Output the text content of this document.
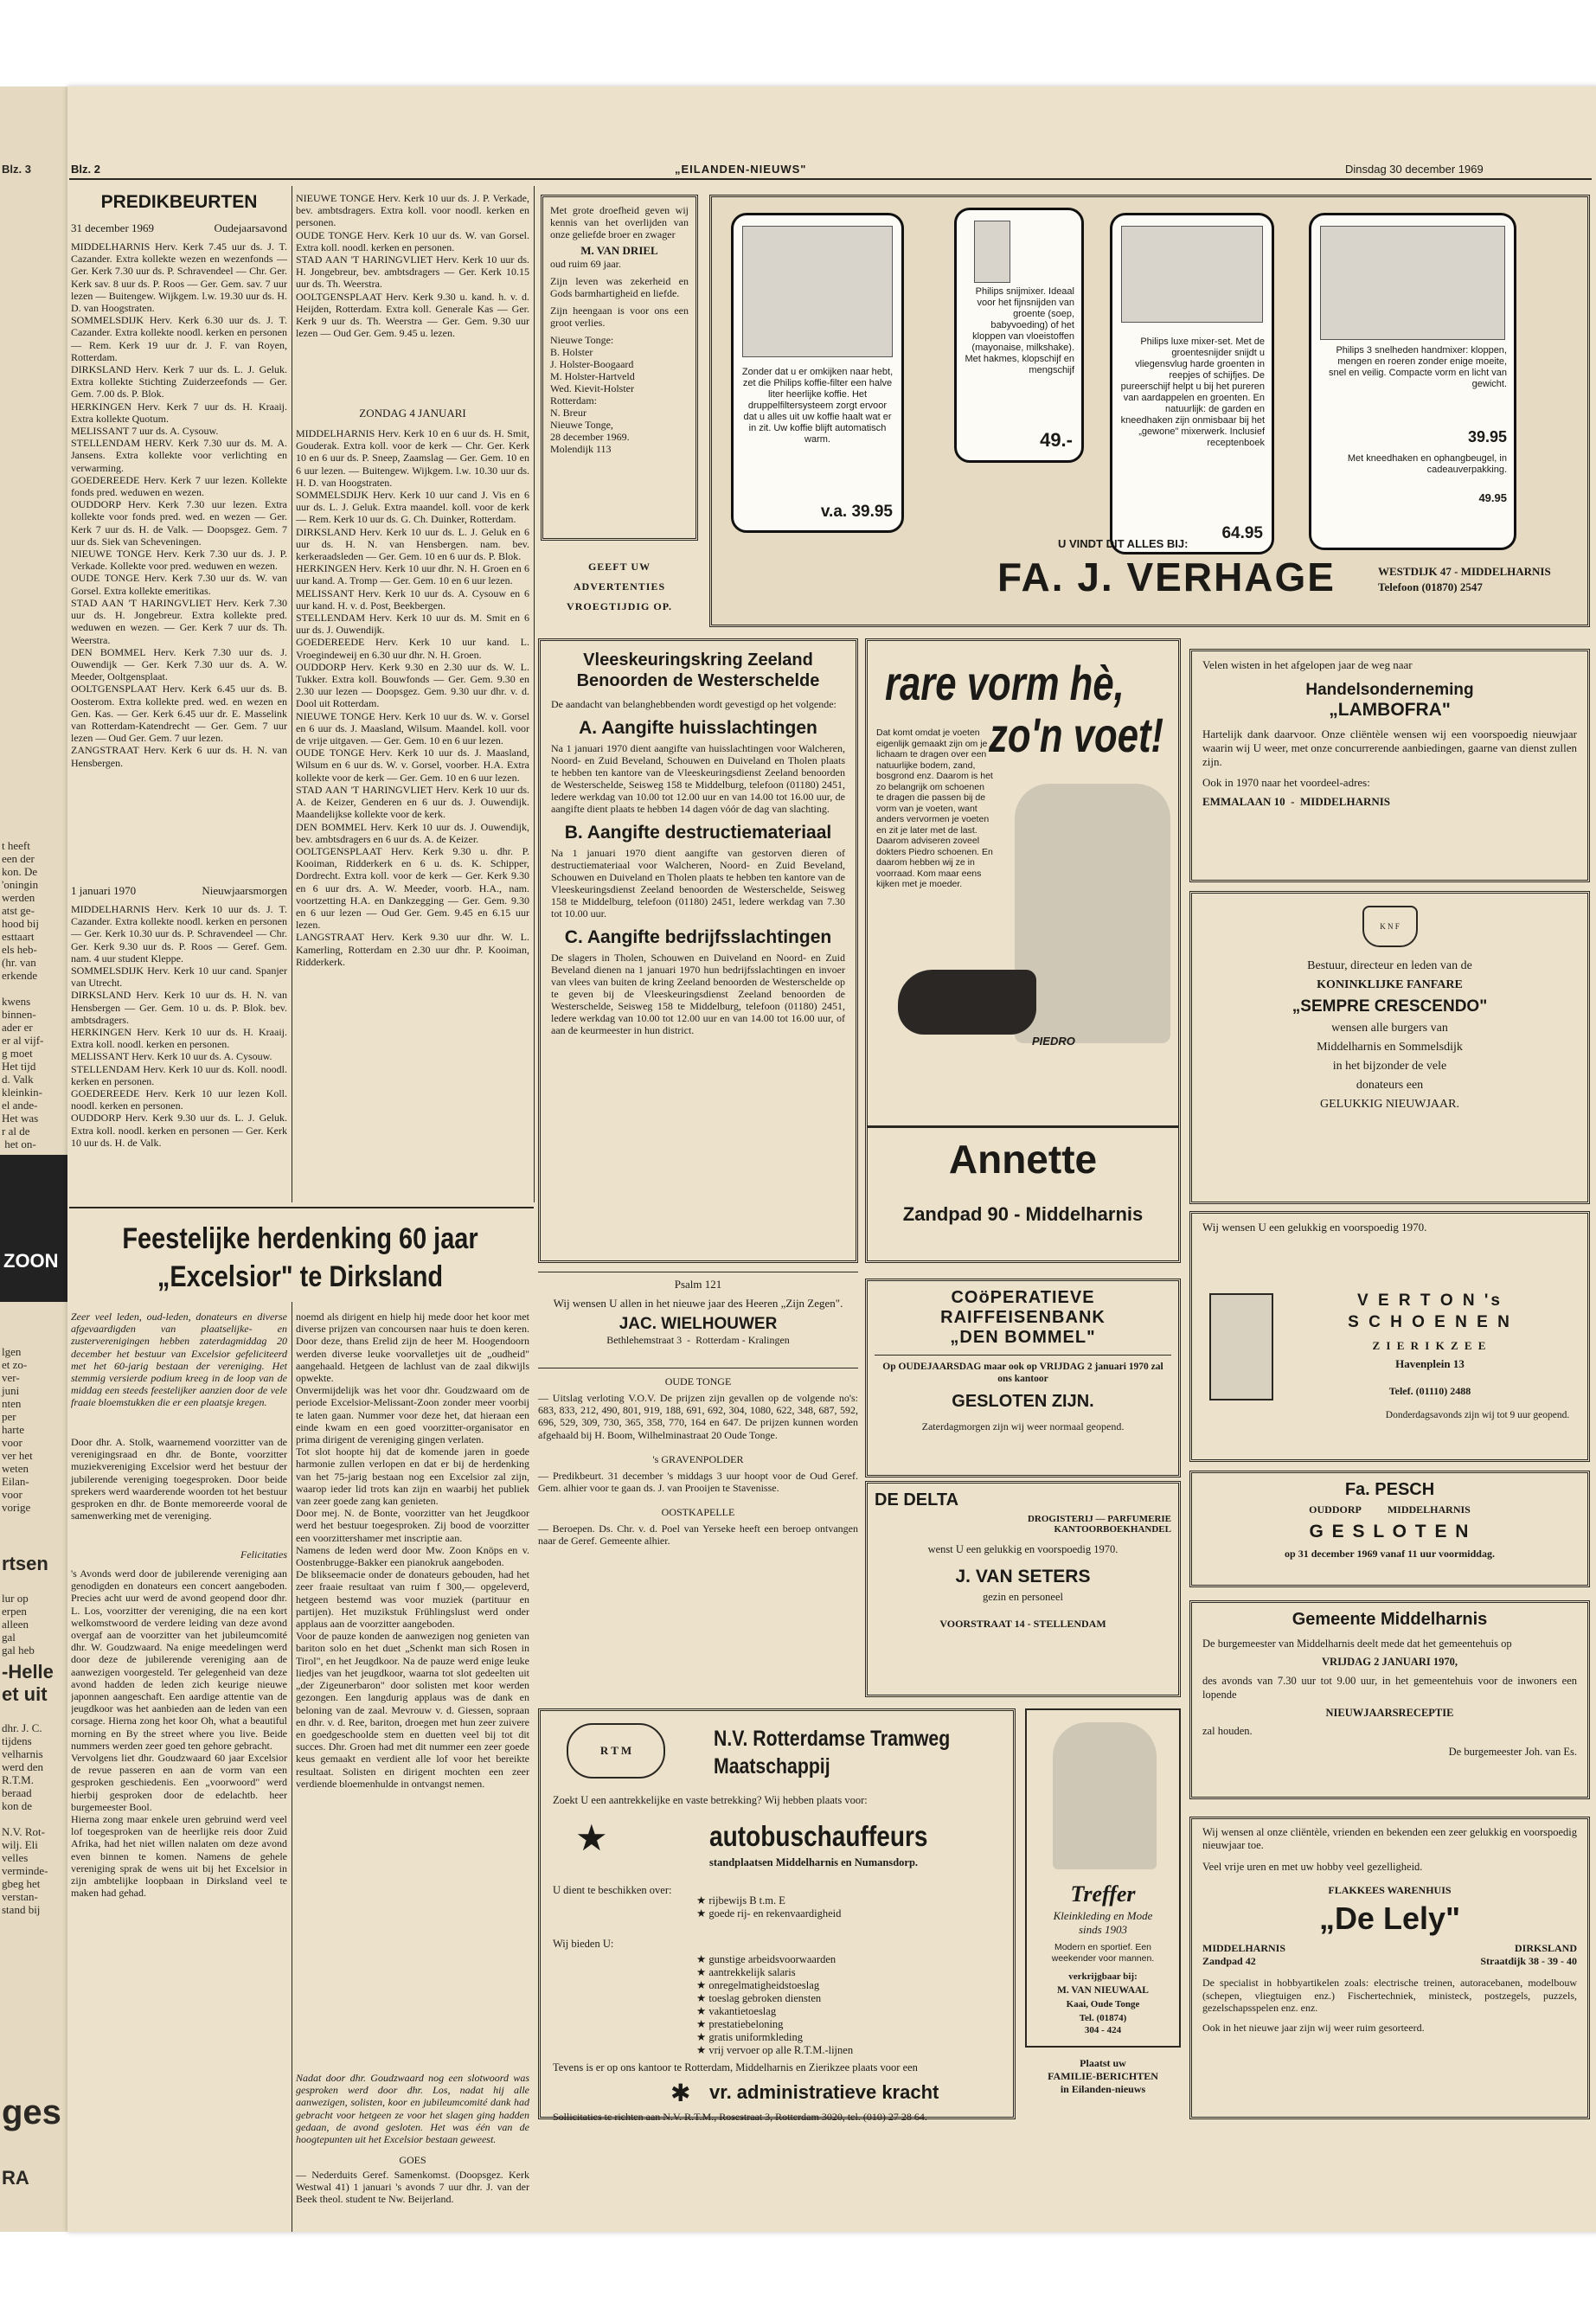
Blz. 3
t heeft
een der
kon. De
'oningin
werden
atst ge-
hood bij
esttaart
els heb-
(hr. van
erkende
kwens
binnen-
ader er
er al vijf-
g moet
Het tijd
d. Valk
kleinkin-
el ande-
Het was
r al de
het on-
ZOON
lgen
et zo-
ver-
juni
nten
per
harte
voor
ver het
weten
Eilan-
voor
vorige
rtsen
lur op
erpen
alleen
gal
gal heb
-Helle
et uit
dhr. J. C.
tijdens
velharnis
werd den
R.T.M.
beraad
kon de

N.V. Rot-
wilj. Eli
velles
verminde-
gbeg het
verstan-
stand bij
ges
RA
Blz. 2	„EILANDEN-NIEUWS"	Dinsdag 30 december 1969
PREDIKBEURTEN
31 december 1969	Oudejaarsavond
MIDDELHARNIS Herv. Kerk 7.45 uur ds. J. T. Cazander. Extra kollekte wezen en wezenfonds — Ger. Kerk 7.30 uur ds. P. Schravendeel — Chr. Ger. Kerk sav. 8 uur ds. P. Roos — Ger. Gem. sav. 7 uur lezen — Buitengew. Wijkgem. l.w. 19.30 uur ds. H. D. van Hoogstraten.
SOMMELSDIJK Herv. Kerk 6.30 uur ds. J. T. Cazander. Extra kollekte noodl. kerken en personen — Rem. Kerk 19 uur dr. J. F. van Royen, Rotterdam.
DIRKSLAND Herv. Kerk 7 uur ds. L. J. Geluk. Extra kollekte Stichting Zuiderzeefonds — Ger. Gem. 7.00 ds. P. Blok.
HERKINGEN Herv. Kerk 7 uur ds. H. Kraaij. Extra kollekte Quotum.
MELISSANT 7 uur ds. A. Cysouw.
STELLENDAM HERV. Kerk 7.30 uur ds. M. A. Jansens. Extra kollekte voor verlichting en verwarming.
GOEDEREEDE Herv. Kerk 7 uur lezen. Kollekte fonds pred. weduwen en wezen.
OUDDORP Herv. Kerk 7.30 uur lezen. Extra kollekte voor fonds pred. wed. en wezen — Ger. Kerk 7 uur ds. H. de Valk. — Doopsgez. Gem. 7 uur ds. Siek van Scheveningen.
NIEUWE TONGE Herv. Kerk 7.30 uur ds. J. P. Verkade. Kollekte voor pred. weduwen en wezen.
OUDE TONGE Herv. Kerk 7.30 uur ds. W. van Gorsel. Extra kollekte emeritikas.
STAD AAN 'T HARINGVLIET Herv. Kerk 7.30 uur ds. H. Jongebreur. Extra kollekte pred. weduwen en wezen. — Ger. Kerk 7 uur ds. Th. Weerstra.
DEN BOMMEL Herv. Kerk 7.30 uur ds. J. Ouwendijk — Ger. Kerk 7.30 uur ds. A. W. Meeder, Ooltgensplaat.
OOLTGENSPLAAT Herv. Kerk 6.45 uur ds. B. Oosterom. Extra kollekte pred. wed. en wezen en Gen. Kas. — Ger. Kerk 6.45 uur dr. E. Masselink van Rotterdam-Katendrecht — Ger. Gem. 7 uur lezen — Oud Ger. Gem. 7 uur lezen.
ZANGSTRAAT Herv. Kerk 6 uur ds. H. N. van Hensbergen.
1 januari 1970	Nieuwjaarsmorgen
MIDDELHARNIS Herv. Kerk 10 uur ds. J. T. Cazander. Extra kollekte noodl. kerken en personen — Ger. Kerk 10.30 uur ds. P. Schravendeel — Chr. Ger. Kerk 9.30 uur ds. P. Roos — Geref. Gem. nam. 4 uur student Kleppe.
SOMMELSDIJK Herv. Kerk 10 uur cand. Spanjer van Utrecht.
DIRKSLAND Herv. Kerk 10 uur ds. H. N. van Hensbergen — Ger. Gem. 10 u. ds. P. Blok. bev. ambtsdragers.
HERKINGEN Herv. Kerk 10 uur ds. H. Kraaij. Extra koll. noodl. kerken en personen.
MELISSANT Herv. Kerk 10 uur ds. A. Cysouw.
STELLENDAM Herv. Kerk 10 uur ds. Koll. noodl. kerken en personen.
GOEDEREEDE Herv. Kerk 10 uur lezen Koll. noodl. kerken en personen.
OUDDORP Herv. Kerk 9.30 uur ds. L. J. Geluk. Extra koll. noodl. kerken en personen — Ger. Kerk 10 uur ds. H. de Valk.
NIEUWE TONGE Herv. Kerk 10 uur ds. J. P. Verkade, bev. ambtsdragers. Extra koll. voor noodl. kerken en personen.
OUDE TONGE Herv. Kerk 10 uur ds. W. van Gorsel. Extra koll. noodl. kerken en personen.
STAD AAN 'T HARINGVLIET Herv. Kerk 10 uur ds. H. Jongebreur, bev. ambtsdragers — Ger. Kerk 10.15 uur ds. Th. Weerstra.
OOLTGENSPLAAT Herv. Kerk 9.30 u. kand. h. v. d. Heijden, Rotterdam. Extra koll. Generale Kas — Ger. Kerk 9 uur ds. Th. Weerstra — Ger. Gem. 9.30 uur lezen — Oud Ger. Gem. 9.45 u. lezen.
ZONDAG 4 JANUARI
MIDDELHARNIS Herv. Kerk 10 en 6 uur ds. H. Smit, Gouderak. Extra koll. voor de kerk — Chr. Ger. Kerk 10 en 6 uur ds. P. Sneep, Zaamslag — Ger. Gem. 10 en 6 uur lezen. — Buitengew. Wijkgem. l.w. 10.30 uur ds. H. D. van Hoogstraten.
SOMMELSDIJK Herv. Kerk 10 uur cand J. Vis en 6 uur ds. L. J. Geluk. Extra maandel. koll. voor de kerk — Rem. Kerk 10 uur ds. G. Ch. Duinker, Rotterdam.
DIRKSLAND Herv. Kerk 10 uur ds. L. J. Geluk en 6 uur ds. H. N. van Hensbergen. nam. bev. kerkeraadsleden — Ger. Gem. 10 en 6 uur ds. P. Blok.
HERKINGEN Herv. Kerk 10 uur dhr. N. H. Groen en 6 uur kand. A. Tromp — Ger. Gem. 10 en 6 uur lezen.
MELISSANT Herv. Kerk 10 uur ds. A. Cysouw en 6 uur kand. H. v. d. Post, Beekbergen.
STELLENDAM Herv. Kerk 10 uur ds. M. Smit en 6 uur ds. J. Ouwendijk.
GOEDEREEDE Herv. Kerk 10 uur kand. L. Vroegindeweij en 6.30 uur dhr. N. H. Groen.
OUDDORP Herv. Kerk 9.30 en 2.30 uur ds. W. L. Tukker. Extra koll. Bouwfonds — Ger. Gem. 9.30 en 2.30 uur lezen — Doopsgez. Gem. 9.30 uur dhr. v. d. Dool uit Rotterdam.
NIEUWE TONGE Herv. Kerk 10 uur ds. W. v. Gorsel en 6 uur ds. J. Maasland, Wilsum. Maandel. koll. voor de vrije uitgaven. — Ger. Gem. 10 en 6 uur lezen.
OUDE TONGE Herv. Kerk 10 uur ds. J. Maasland, Wilsum en 6 uur ds. W. v. Gorsel, voorber. H.A. Extra kollekte voor de kerk — Ger. Gem. 10 en 6 uur lezen.
STAD AAN 'T HARINGVLIET Herv. Kerk 10 uur ds. A. de Keizer, Genderen en 6 uur ds. J. Ouwendijk. Maandelijkse kollekte voor de kerk.
DEN BOMMEL Herv. Kerk 10 uur ds. J. Ouwendijk, bev. ambtsdragers en 6 uur ds. A. de Keizer.
OOLTGENSPLAAT Herv. Kerk 9.30 u. dhr. P. Kooiman, Ridderkerk en 6 u. ds. K. Schipper, Dordrecht. Extra koll. voor de kerk — Ger. Kerk 9.30 en 6 uur drs. A. W. Meeder, voorb. H.A., nam. voortzetting H.A. en Dankzegging — Ger. Gem. 9.30 en 6 uur lezen — Oud Ger. Gem. 9.45 en 6.15 uur lezen.
LANGSTRAAT Herv. Kerk 9.30 uur dhr. W. L. Kamerling, Rotterdam en 2.30 uur dhr. P. Kooiman, Ridderkerk.
Met grote droefheid geven wij kennis van het overlijden van onze geliefde broer en zwager
M. VAN DRIEL
oud ruim 69 jaar.
Zijn leven was zekerheid en Gods barmhartigheid en liefde.
Zijn heengaan is voor ons een groot verlies.
Nieuwe Tonge:
B. Holster
J. Holster-Boogaard
M. Holster-Hartveld
Wed. Kievit-Holster
Rotterdam:
N. Breur
Nieuwe Tonge,
28 december 1969.
Molendijk 113
GEEFT UW
ADVERTENTIES
VROEGTIJDIG OP.
Zonder dat u er omkijken naar hebt, zet die Philips koffie-filter een halve liter heerlijke koffie. Het druppelfiltersysteem zorgt ervoor dat u alles uit uw koffie haalt wat er in zit. Uw koffie blijft automatisch warm.
v.a. 39.95
Philips snijmixer. Ideaal voor het fijnsnijden van groente (soep, babyvoeding) of het kloppen van vloeistoffen (mayonaise, milkshake). Met hakmes, klopschijf en mengschijf
49.-
Philips luxe mixer-set. Met de groentesnijder snijdt u vliegensvlug harde groenten in reepjes of schijfjes. De pureerschijf helpt u bij het pureren van aardappelen en groenten. En natuurlijk: de garden en kneedhaken zijn onmisbaar bij het „gewone" mixerwerk. Inclusief receptenboek
64.95
Philips 3 snelheden handmixer: kloppen, mengen en roeren zonder enige moeite, snel en veilig. Compacte vorm en licht van gewicht.
39.95
Met kneedhaken en ophangbeugel, in cadeauverpakking.
49.95
U VINDT DIT ALLES BIJ:
FA. J. VERHAGE	WESTDIJK 47 - MIDDELHARNIS
Telefoon (01870) 2547
Vleeskeuringskring Zeeland Benoorden de Westerschelde
De aandacht van belanghebbenden wordt gevestigd op het volgende:
A. Aangifte huisslachtingen
Na 1 januari 1970 dient aangifte van huisslachtingen voor Walcheren, Noord- en Zuid Beveland, Schouwen en Duiveland en Tholen plaats te hebben ten kantore van de Vleeskeuringsdienst Zeeland benoorden de Westerschelde, Seisweg 158 te Middelburg, telefoon (01180) 2451, ledere werkdag van 10.00 tot 12.00 uur en van 14.00 tot 16.00 uur, de aangifte dient plaats te hebben 14 dagen vóór de dag van slachting.
B. Aangifte destructiemateriaal
Na 1 januari 1970 dient aangifte van gestorven dieren of destructiemateriaal voor Walcheren, Noord- en Zuid Beveland, Schouwen en Duiveland en Tholen plaats te hebben ten kantore van de Vleeskeuringsdienst Zeeland benoorden de Westerschelde, Seisweg 158 te Middelburg, telefoon (01180) 2451, ledere werkdag van 7.30 tot 10.00 uur.
C. Aangifte bedrijfsslachtingen
De slagers in Tholen, Schouwen en Duiveland en Noord- en Zuid Beveland dienen na 1 januari 1970 hun bedrijfsslachtingen en invoer van vlees van buiten de kring Zeeland benoorden de Westerschelde op te geven bij de Vleeskeuringsdienst Zeeland benoorden de Westerschelde, Seisweg 158 te Middelburg, telefoon (01180) 2451, ledere werkdag van 10.00 tot 12.00 uur en van 14.00 tot 16.00 uur, of aan de keurmeester in hun district.
rare vorm hè,
zo'n voet!
Dat komt omdat je voeten eigenlijk gemaakt zijn om je lichaam te dragen over een natuurlijke bodem, zand, bosgrond enz. Daarom is het zo belangrijk om schoenen te dragen die passen bij de vorm van je voeten, want anders vervormen je voeten en zit je later met de last. Daarom adviseren zoveel dokters Piedro schoenen. En daarom hebben wij ze in voorraad. Kom maar eens kijken met je moeder.
PIEDRO
Annette
Zandpad 90 - Middelharnis
Velen wisten in het afgelopen jaar de weg naar
Handelsonderneming
„LAMBOFRA"
Hartelijk dank daarvoor. Onze cliëntèle wensen wij een voorspoedig nieuwjaar waarin wij U weer, met onze concurrerende aanbiedingen, gaarne van dienst zullen zijn.
Ook in 1970 naar het voordeel-adres:
EMMALAAN 10  -  MIDDELHARNIS
K N F
Bestuur, directeur en leden van de
KONINKLIJKE FANFARE
„SEMPRE CRESCENDO"
wensen alle burgers van
Middelharnis en Sommelsdijk
in het bijzonder de vele
donateurs een
GELUKKIG NIEUWJAAR.
Feestelijke herdenking 60 jaar
„Excelsior" te Dirksland
Zeer veel leden, oud-leden, donateurs en diverse afgevaardigden van plaatselijke- en zusterverenigingen hebben zaterdagmiddag 20 december het bestuur van Excelsior gefeliciteerd met het 60-jarig bestaan der vereniging. Het stemmig versierde podium kreeg in de loop van de middag een steeds feestelijker aanzien door de vele fraaie bloemstukken die er een plaatsje kregen.
Door dhr. A. Stolk, waarnemend voorzitter van de verenigingsraad en dhr. de Bonte, voorzitter muziekvereniging Excelsior werd het bestuur der jubilerende vereniging toegesproken. Door beide sprekers werd waarderende woorden tot het bestuur gesproken en dhr. de Bonte memoreerde vooral de samenwerking met de vereniging.
Felicitaties
's Avonds werd door de jubilerende vereniging aan genodigden en donateurs een concert aangeboden. Precies acht uur werd de avond geopend door dhr. L. Los, voorzitter der vereniging, die na een kort welkomstwoord de verdere leiding van deze avond overgaf aan de voorzitter van het jubileumcomité dhr. W. Goudzwaard. Na enige meedelingen werd door deze de jubilerende vereniging aan de aanwezigen voorgesteld. Ter gelegenheid van deze avond hadden de leden zich keurige nieuwe japonnen aangeschaft. Een aardige attentie van de jeugdkoor was het aanbieden aan de leden van een corsage. Hierna zong het koor Oh, what a beautiful morning en By the street where you live. Beide nummers werden zeer goed ten gehore gebracht.
Vervolgens liet dhr. Goudzwaard 60 jaar Excelsior de revue passeren en aan de vorm van een gesproken geschiedenis. Een „voorwoord" werd hierbij gesproken door de edelachtb. heer burgemeester Bool.
Hierna zong maar enkele uren gebruind werd veel lof toegesproken van de heerlijke reis door Zuid Afrika, had het niet willen nalaten om deze avond even binnen te komen. Namens de gehele vereniging sprak de wens uit bij het Excelsior in zijn ambtelijke loopbaan in Dirksland veel te maken had gehad.
noemd als dirigent en hielp hij mede door het koor met diverse prijzen van concoursen naar huis te doen keren. Door deze, thans Erelid zijn de heer M. Hoogendoorn werden diverse leuke voorvalletjes uit de „oudheid" aangehaald. Hetgeen de lachlust van de zaal dikwijls opwekte.
Onvermijdelijk was het voor dhr. Goudzwaard om de periode Excelsior-Melissant-Zoon zonder meer voorbij te laten gaan. Nummer voor deze het, dat hieraan een einde kwam en een goed voorzitter-organisator en prima dirigent de vereniging gingen verlaten.
Tot slot hoopte hij dat de komende jaren in goede harmonie zullen verlopen en dat er bij de herdenking van het 75-jarig bestaan nog een Excelsior zal zijn, waarop ieder lid trots kan zijn en waarbij het publiek van zeer goede zang kan genieten.
Door mej. N. de Bonte, voorzitter van het Jeugdkoor werd het bestuur toegesproken. Zij bood de voorzitter een voorzittershamer met inscriptie aan.
Namens de leden werd door Mw. Zoon Knöps en v. Oostenbrugge-Bakker een pianokruk aangeboden.
De blikseemacie onder de donateurs gebouden, had het zeer fraaie resultaat van ruim f 300,— opgeleverd, hetgeen bestemd was voor muziek (partituur en partijen). Het muzikstuk Frühlingslust werd onder applaus aan de voorzitter aangeboden.
Voor de pauze konden de aanwezigen nog genieten van bariton solo en het duet „Schenkt man sich Rosen in Tirol", en het Jeugdkoor. Na de pauze werd enige leuke liedjes van het jeugdkoor, waarna tot slot gedeelten uit „der Zigeunerbaron" door solisten met koor werden gezongen. Een langdurig applaus was de dank en beloning van de zaal. Mevrouw v. d. Giessen, sopraan en dhr. v. d. Ree, bariton, droegen met hun zeer zuivere en goedgeschoolde stem en duetten veel bij tot dit succes. Dhr. Groen had met dit nummer een zeer goede keus gemaakt en verdient alle lof voor het bereikte resultaat. Solisten en dirigent mochten een zeer verdiende bloemenhulde in ontvangst nemen.
Nadat door dhr. Goudzwaard nog een slotwoord was gesproken werd door dhr. Los, nadat hij alle aanwezigen, solisten, koor en jubileumcomité dank had gebracht voor hetgeen ze voor het slagen ging hadden gedaan, de avond gesloten. Het was één van de hoogtepunten uit het Excelsior bestaan geweest.
Psalm 121
Wij wensen U allen in het nieuwe jaar des Heeren „Zijn Zegen".
JAC. WIELHOUWER
Bethlehemstraat 3  -  Rotterdam - Kralingen
OUDE TONGE
— Uitslag verloting V.O.V. De prijzen zijn gevallen op de volgende no's: 683, 833, 212, 490, 801, 919, 188, 691, 692, 304, 1080, 622, 348, 687, 592, 696, 529, 309, 730, 365, 358, 770, 164 en 647. De prijzen kunnen worden afgehaald bij H. Boom, Wilhelminastraat 20 Oude Tonge.
's GRAVENPOLDER
— Predikbeurt. 31 december 's middags 3 uur hoopt voor de Oud Geref. Gem. alhier voor te gaan ds. J. van Prooijen te Stavenisse.
OOSTKAPELLE
— Beroepen. Ds. Chr. v. d. Poel van Yerseke heeft een beroep ontvangen naar de Geref. Gemeente alhier.
GOES
— Nederduits Geref. Samenkomst. (Doopsgez. Kerk Westwal 41) 1 januari 's avonds 7 uur dhr. J. van der Beek theol. student te Nw. Beijerland.
COöPERATIEVE
RAIFFEISENBANK
„DEN BOMMEL"
Op OUDEJAARSDAG maar ook op VRIJDAG 2 januari 1970 zal ons kantoor
GESLOTEN ZIJN.
Zaterdagmorgen zijn wij weer normaal geopend.
DE DELTA
DROGISTERIJ — PARFUMERIE
KANTOORBOEKHANDEL
wenst U een gelukkig en voorspoedig 1970.
J. VAN SETERS
gezin en personeel
VOORSTRAAT 14 - STELLENDAM
Wij wensen U een gelukkig en voorspoedig 1970.
V E R T O N 's
S C H O E N E N
Z I E R I K Z E E
Havenplein 13
Telef. (01110) 2488
Donderdagsavonds zijn wij tot 9 uur geopend.
Fa. PESCH
OUDDORP	MIDDELHARNIS
G E S L O T E N
op 31 december 1969 vanaf 11 uur voormiddag.
Gemeente Middelharnis
De burgemeester van Middelharnis deelt mede dat het gemeentehuis op
VRIJDAG 2 JANUARI 1970,
des avonds van 7.30 uur tot 9.00 uur, in het gemeentehuis voor de inwoners een lopende
NIEUWJAARSRECEPTIE
zal houden.
De burgemeester Joh. van Es.
R T M	N.V. Rotterdamse Tramweg
Maatschappij
Zoekt U een aantrekkelijke en vaste betrekking? Wij hebben plaats voor:
★	autobuschauffeurs
standplaatsen Middelharnis en Numansdorp.
U dient te beschikken over:
★ rijbewijs B t.m. E
★ goede rij- en rekenvaardigheid
Wij bieden U:
★ gunstige arbeidsvoorwaarden
★ aantrekkelijk salaris
★ onregelmatigheidstoeslag
★ toeslag gebroken diensten
★ vakantietoeslag
★ prestatiebeloning
★ gratis uniformkleding
★ vrij vervoer op alle R.T.M.-lijnen
Tevens is er op ons kantoor te Rotterdam, Middelharnis en Zierikzee plaats voor een
✱ vr. administratieve kracht
Sollicitaties te richten aan N.V. R.T.M., Rosestraat 3, Rotterdam 3020, tel. (010) 27 28 64.
Treffer
Kleinkleding en Mode
sinds 1903
Modern en sportief. Een weekender voor mannen.
verkrijgbaar bij:
M. VAN NIEUWAAL
Kaai, Oude Tonge
Tel. (01874)
304 - 424
Plaatst uw
FAMILIE-BERICHTEN
in Eilanden-nieuws
Wij wensen al onze cliëntèle, vrienden en bekenden een zeer gelukkig en voorspoedig nieuwjaar toe.
Veel vrije uren en met uw hobby veel gezelligheid.
FLAKKEES WARENHUIS
„De Lely"
MIDDELHARNIS	DIRKSLAND
Zandpad 42	Straatdijk 38 - 39 - 40
De specialist in hobbyartikelen zoals: electrische treinen, autoracebanen, modelbouw (schepen, vliegtuigen enz.) Fischertechniek, ministeck, postzegels, puzzels, gezelschapsspelen enz. enz.
Ook in het nieuwe jaar zijn wij weer ruim gesorteerd.
